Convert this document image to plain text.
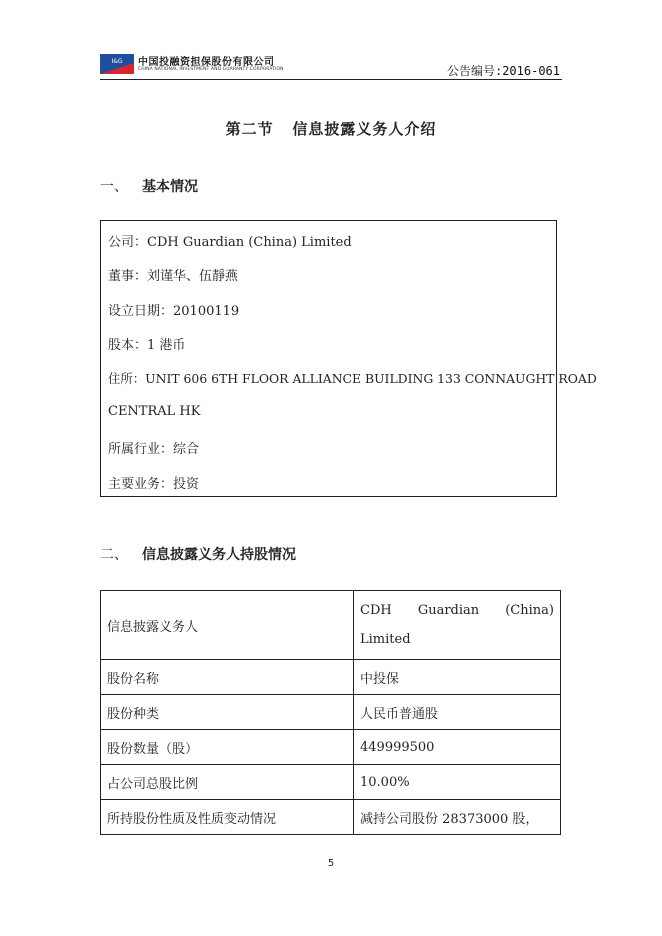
I&G 中国投融资担保股份有限公司
CHINA NATIONAL INVESTMENT AND GUARANTY CORPORATION	公告编号:2016-061
第二节   信息披露义务人介绍
一、 基本情况
公司：CDH Guardian (China) Limited
董事：刘谨华、伍靜燕
设立日期：20100119
股本：1 港币
住所：UNIT 606 6TH FLOOR ALLIANCE BUILDING 133 CONNAUGHT ROAD
CENTRAL HK
所属行业：综合
主要业务：投资
二、 信息披露义务人持股情况
信息披露义务人	CDH Guardian (China)
Limited

股份名称	中投保
股份种类	人民币普通股
股份数量（股）	449999500
占公司总股比例	10.00%
所持股份性质及性质变动情况	减持公司股份 28373000 股，
5
